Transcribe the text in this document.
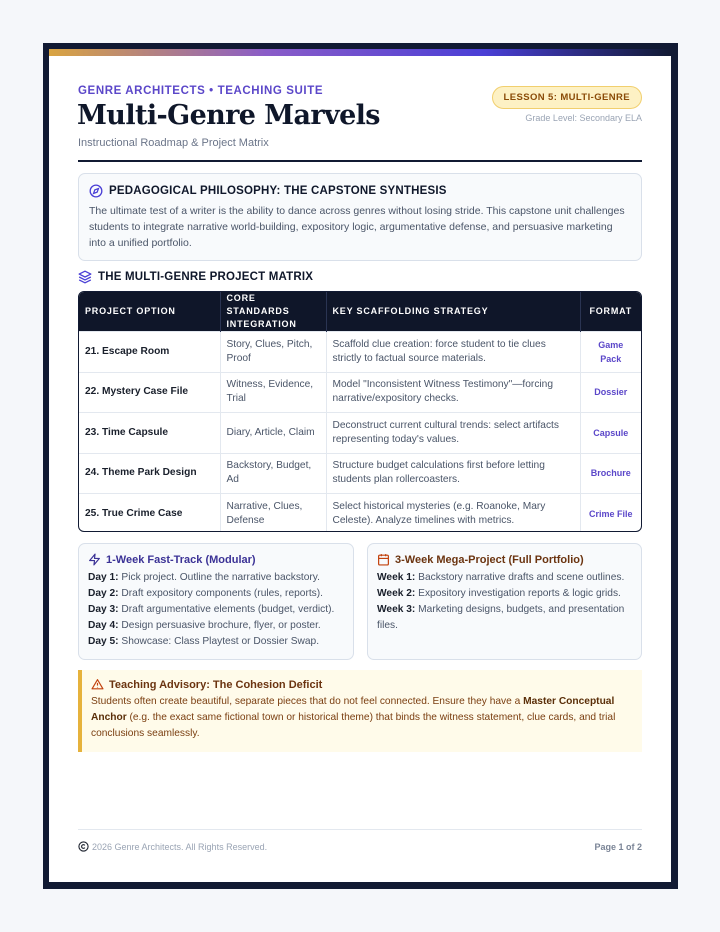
GENRE ARCHITECTS • TEACHING SUITE
Multi-Genre Marvels
Instructional Roadmap & Project Matrix
LESSON 5: MULTI-GENRE
Grade Level: Secondary ELA
PEDAGOGICAL PHILOSOPHY: THE CAPSTONE SYNTHESIS

The ultimate test of a writer is the ability to dance across genres without losing stride. This capstone unit challenges students to integrate narrative world-building, expository logic, argumentative defense, and persuasive marketing into a unified portfolio.

THE MULTI-GENRE PROJECT MATRIX
PROJECT OPTION	CORE STANDARDS INTEGRATION	KEY SCAFFOLDING STRATEGY	FORMAT
21. Escape Room	Story, Clues, Pitch, Proof	Scaffold clue creation: force student to tie clues strictly to factual source materials.	Game Pack
22. Mystery Case File	Witness, Evidence, Trial	Model "Inconsistent Witness Testimony"—forcing narrative/expository checks.	Dossier
23. Time Capsule	Diary, Article, Claim	Deconstruct current cultural trends: select artifacts representing today's values.	Capsule
24. Theme Park Design	Backstory, Budget, Ad	Structure budget calculations first before letting students plan rollercoasters.	Brochure
25. True Crime Case	Narrative, Clues, Defense	Select historical mysteries (e.g. Roanoke, Mary Celeste). Analyze timelines with metrics.	Crime File
1-Week Fast-Track (Modular)
Day 1: Pick project. Outline the narrative backstory.
Day 2: Draft expository components (rules, reports).
Day 3: Draft argumentative elements (budget, verdict).
Day 4: Design persuasive brochure, flyer, or poster.
Day 5: Showcase: Class Playtest or Dossier Swap.
3-Week Mega-Project (Full Portfolio)
Week 1: Backstory narrative drafts and scene outlines.
Week 2: Expository investigation reports & logic grids.
Week 3: Marketing designs, budgets, and presentation files.
Teaching Advisory: The Cohesion Deficit

Students often create beautiful, separate pieces that do not feel connected. Ensure they have a Master Conceptual Anchor (e.g. the exact same fictional town or historical theme) that binds the witness statement, clue cards, and trial conclusions seamlessly.

2026 Genre Architects. All Rights Reserved.	Page 1 of 2
